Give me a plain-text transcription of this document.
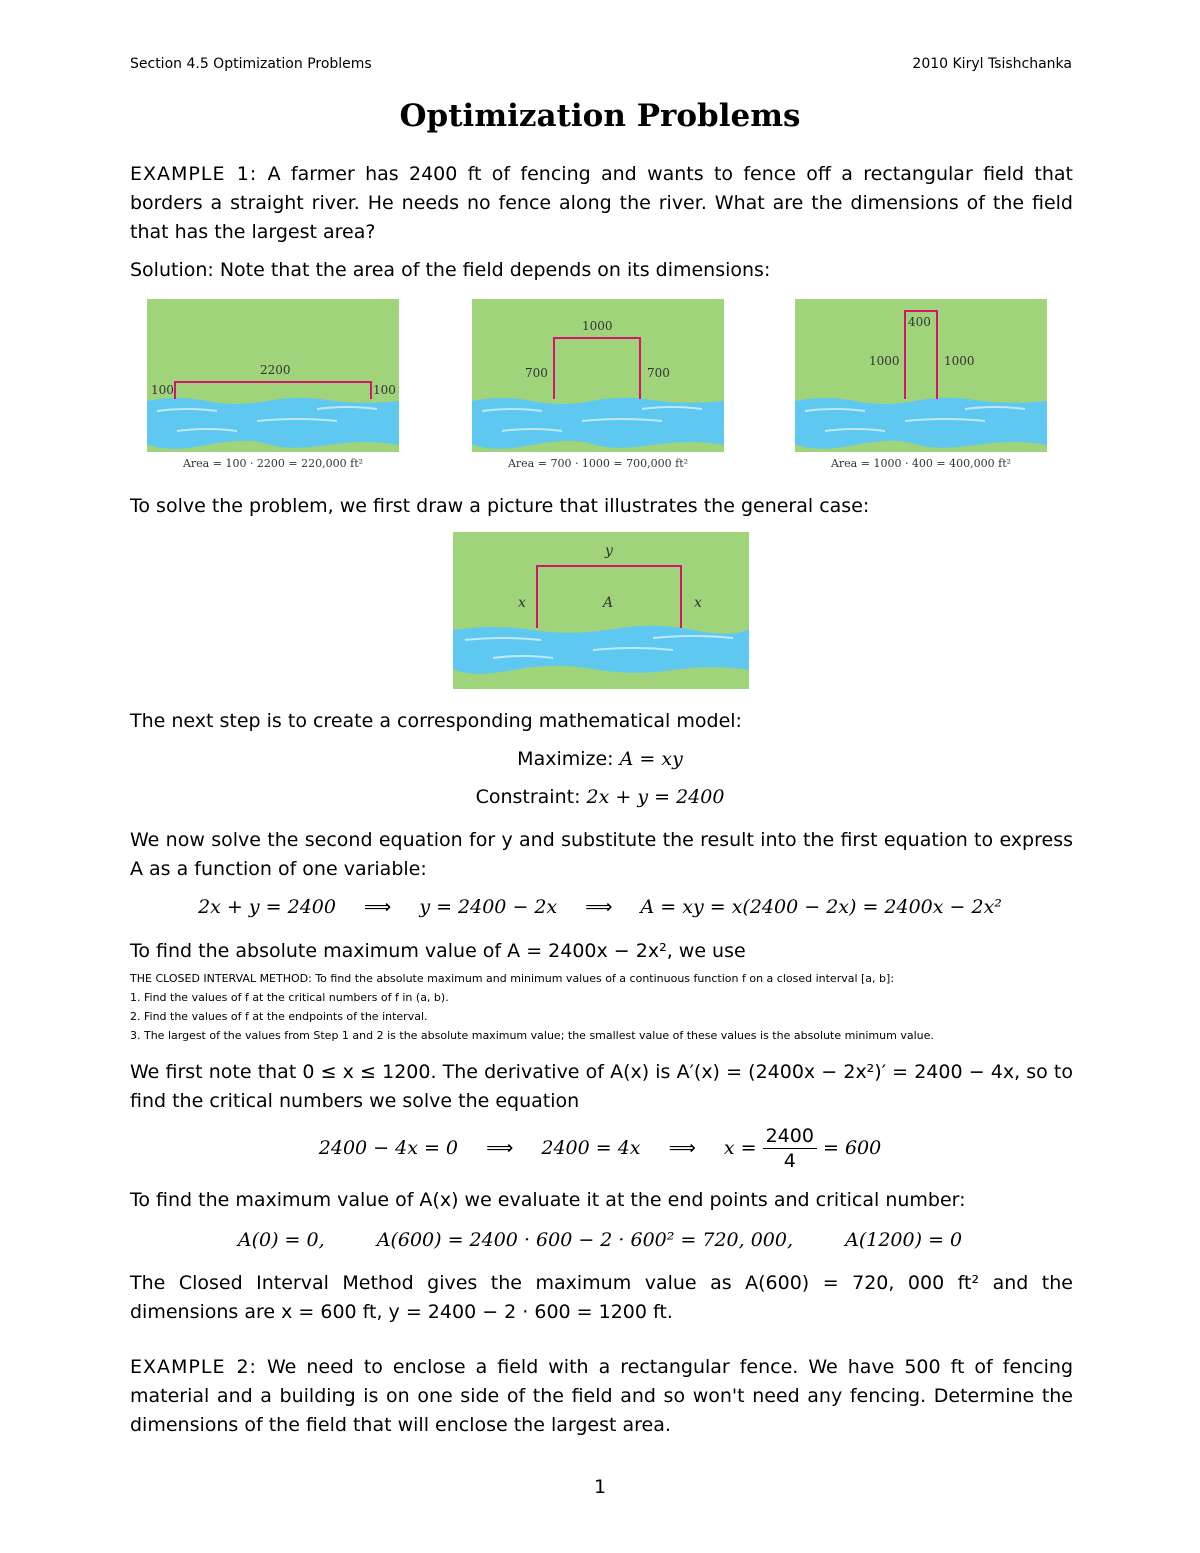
Section 4.5 Optimization Problems	2010 Kiryl Tsishchanka
Optimization Problems
EXAMPLE 1: A farmer has 2400 ft of fencing and wants to fence off a rectangular field that borders a straight river. He needs no fence along the river. What are the dimensions of the field that has the largest area?
Solution: Note that the area of the field depends on its dimensions:
100
2200
100
Area = 100 · 2200 = 220,000 ft²
700
1000
700
Area = 700 · 1000 = 700,000 ft²
1000
400
1000
Area = 1000 · 400 = 400,000 ft²
To solve the problem, we first draw a picture that illustrates the general case:
x
y
x
A
The next step is to create a corresponding mathematical model:
Maximize: A = xy
Constraint: 2x + y = 2400
We now solve the second equation for y and substitute the result into the first equation to express A as a function of one variable:
2x + y = 2400 ⟹ y = 2400 − 2x ⟹ A = xy = x(2400 − 2x) = 2400x − 2x²
To find the absolute maximum value of A = 2400x − 2x², we use
THE CLOSED INTERVAL METHOD: To find the absolute maximum and minimum values of a continuous function f on a closed interval [a, b]:
1. Find the values of f at the critical numbers of f in (a, b).
2. Find the values of f at the endpoints of the interval.
3. The largest of the values from Step 1 and 2 is the absolute maximum value; the smallest value of these values is the absolute minimum value.
We first note that 0 ≤ x ≤ 1200. The derivative of A(x) is A′(x) = (2400x − 2x²)′ = 2400 − 4x, so to find the critical numbers we solve the equation
2400 − 4x = 0 ⟹ 2400 = 4x ⟹ $x = \frac{2400}{4} = 600$
To find the maximum value of A(x) we evaluate it at the end points and critical number:
A(0) = 0,	A(600) = 2400 · 600 − 2 · 600² = 720, 000,	A(1200) = 0
The Closed Interval Method gives the maximum value as A(600) = 720, 000 ft² and the dimensions are x = 600 ft, y = 2400 − 2 · 600 = 1200 ft.
EXAMPLE 2: We need to enclose a field with a rectangular fence. We have 500 ft of fencing material and a building is on one side of the field and so won't need any fencing. Determine the dimensions of the field that will enclose the largest area.
1
